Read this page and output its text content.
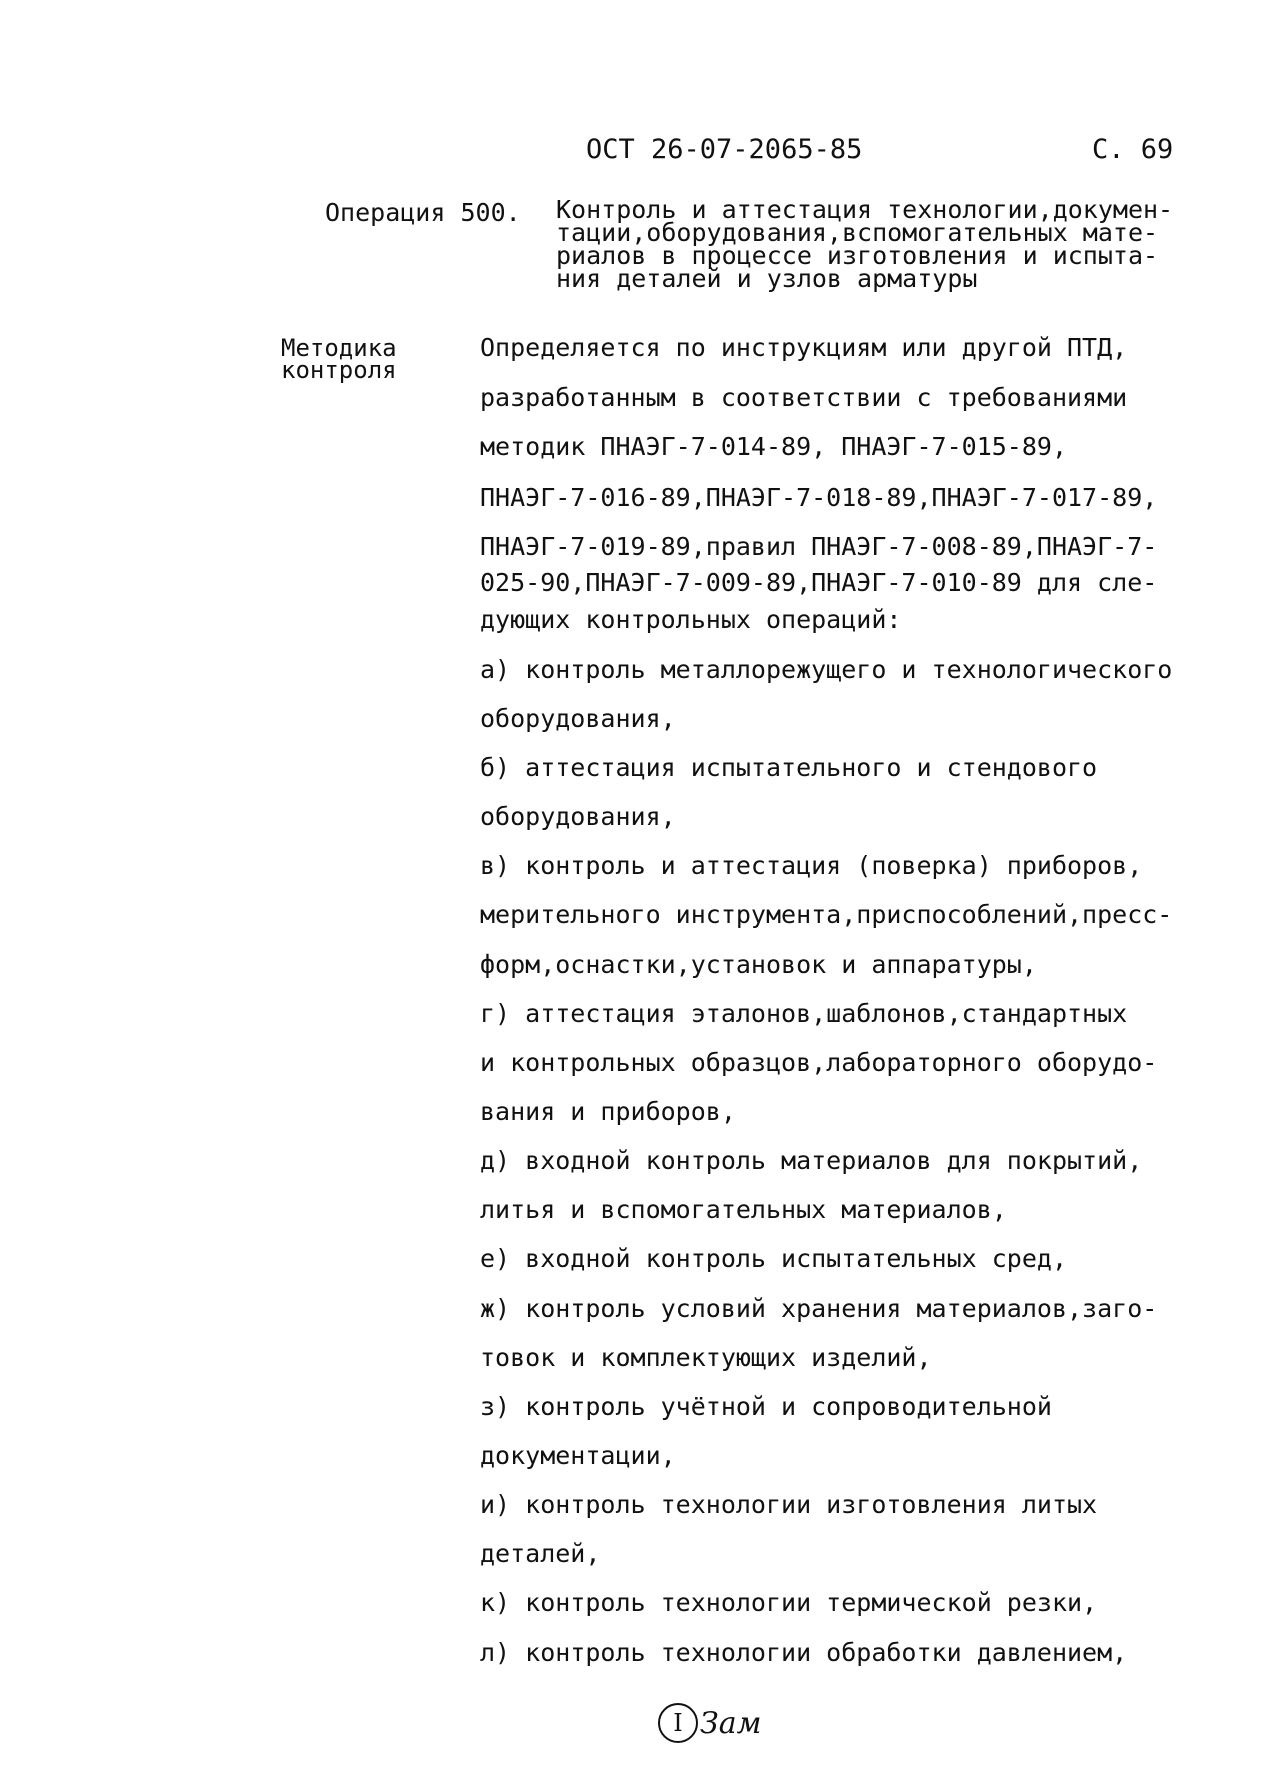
ОСТ 26-07-2065-85	С. 69
Операция 500. Контроль и аттестация технологии,докумен-
тации,оборудования,вспомогательных мате-
риалов в процессе изготовления и испыта-
ния деталей и узлов арматуры
Методика
контроля
Определяется по инструкциям или другой ПТД,
разработанным в соответствии с требованиями
методик ПНАЭГ-7-014-89, ПНАЭГ-7-015-89,
ПНАЭГ-7-016-89,ПНАЭГ-7-018-89,ПНАЭГ-7-017-89,
ПНАЭГ-7-019-89,правил ПНАЭГ-7-008-89,ПНАЭГ-7-
025-90,ПНАЭГ-7-009-89,ПНАЭГ-7-010-89 для сле-
дующих контрольных операций:
а) контроль металлорежущего и технологического
оборудования,
б) аттестация испытательного и стендового
оборудования,
в) контроль и аттестация (поверка) приборов,
мерительного инструмента,приспособлений,пресс-
форм,оснастки,установок и аппаратуры,
г) аттестация эталонов,шаблонов,стандартных
и контрольных образцов,лабораторного оборудо-
вания и приборов,
д) входной контроль материалов для покрытий,
литья и вспомогательных материалов,
е) входной контроль испытательных сред,
ж) контроль условий хранения материалов,заго-
товок и комплектующих изделий,
з) контроль учётной и сопроводительной
документации,
и) контроль технологии изготовления литых
деталей,
к) контроль технологии термической резки,
л) контроль технологии обработки давлением,
I Зам
